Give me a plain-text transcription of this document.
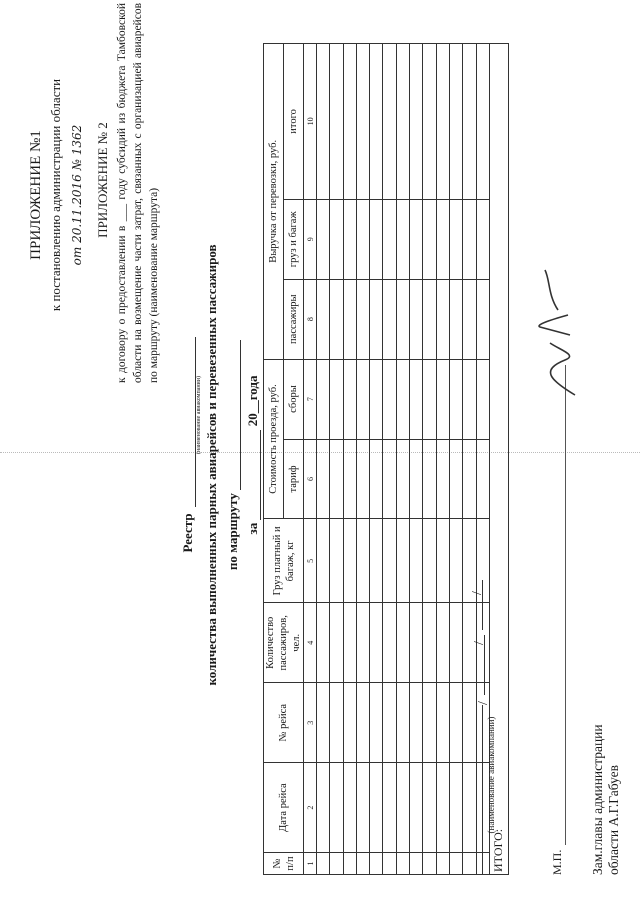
ПРИЛОЖЕНИЕ №1 к постановлению администрации области от 20.11.2016 № 1362 ПРИЛОЖЕНИЕ № 2 к договору о предоставлении в ___ году субсидий из бюджета Тамбовской области на возмещение части затрат, связанных с организацией авиарейсов по маршруту (наименование маршрута)
Реестр
(наименование авиакомпании) количества выполненных парных авиарейсов и перевезенных пассажиров по маршруту за   20__года
№ п/п	Дата рейса	№ рейса	Количество пассажиров, чел.	Груз платный и багаж, кг	Стоимость проезда, руб.		Выручка от перевозки, руб.		
					тариф	сборы	пассажиры	груз и багаж	итого
1	2	3	4	5	6	7	8	9	10

ИТОГО:									
(наименование авиакомпании)
/
/
/
М.П. Зам.главы администрации области А.Г.Габуев
